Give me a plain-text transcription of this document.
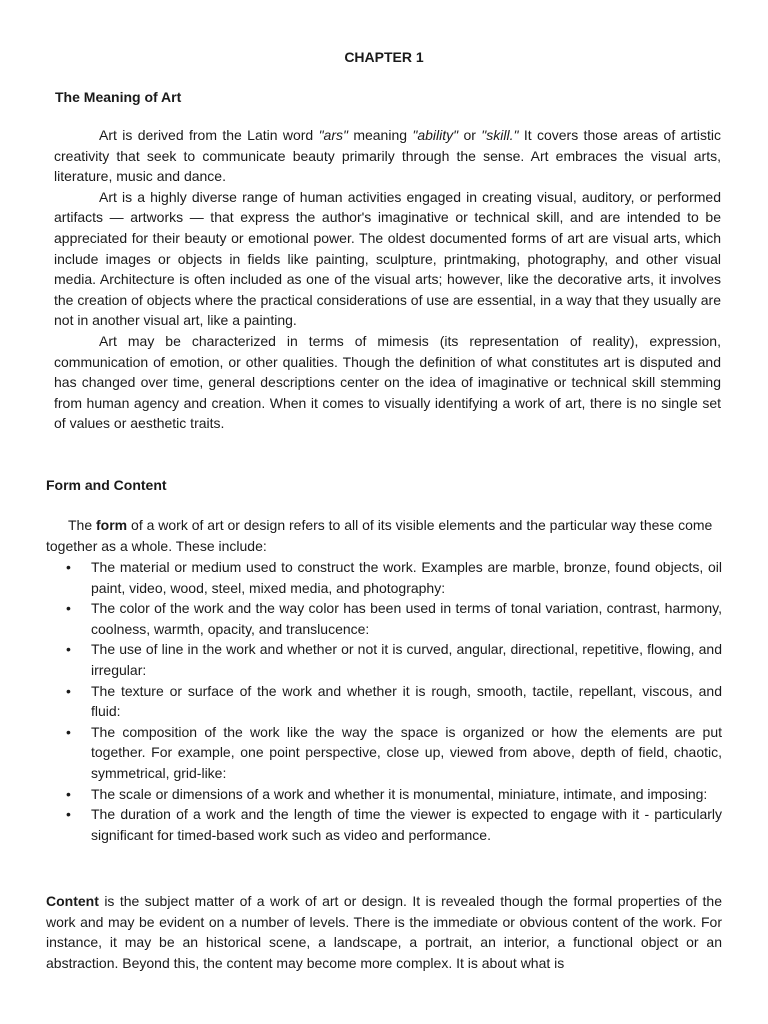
CHAPTER 1
The Meaning of Art

Art is derived from the Latin word "ars" meaning "ability" or "skill." It covers those areas of artistic creativity that seek to communicate beauty primarily through the sense. Art embraces the visual arts, literature, music and dance.

Art is a highly diverse range of human activities engaged in creating visual, auditory, or performed artifacts — artworks — that express the author's imaginative or technical skill, and are intended to be appreciated for their beauty or emotional power. The oldest documented forms of art are visual arts, which include images or objects in fields like painting, sculpture, printmaking, photography, and other visual media. Architecture is often included as one of the visual arts; however, like the decorative arts, it involves the creation of objects where the practical considerations of use are essential, in a way that they usually are not in another visual art, like a painting.

Art may be characterized in terms of mimesis (its representation of reality), expression, communication of emotion, or other qualities. Though the definition of what constitutes art is disputed and has changed over time, general descriptions center on the idea of imaginative or technical skill stemming from human agency and creation. When it comes to visually identifying a work of art, there is no single set of values or aesthetic traits.

Form and Content

The form of a work of art or design refers to all of its visible elements and the particular way these come together as a whole. These include:

• The material or medium used to construct the work. Examples are marble, bronze, found objects, oil paint, video, wood, steel, mixed media, and photography:
• The color of the work and the way color has been used in terms of tonal variation, contrast, harmony, coolness, warmth, opacity, and translucence:
• The use of line in the work and whether or not it is curved, angular, directional, repetitive, flowing, and irregular:
• The texture or surface of the work and whether it is rough, smooth, tactile, repellant, viscous, and fluid:
• The composition of the work like the way the space is organized or how the elements are put together. For example, one point perspective, close up, viewed from above, depth of field, chaotic, symmetrical, grid-like:
• The scale or dimensions of a work and whether it is monumental, miniature, intimate, and imposing:
• The duration of a work and the length of time the viewer is expected to engage with it - particularly significant for timed-based work such as video and performance.

Content is the subject matter of a work of art or design. It is revealed though the formal properties of the work and may be evident on a number of levels. There is the immediate or obvious content of the work. For instance, it may be an historical scene, a landscape, a portrait, an interior, a functional object or an abstraction. Beyond this, the content may become more complex. It is about what is
